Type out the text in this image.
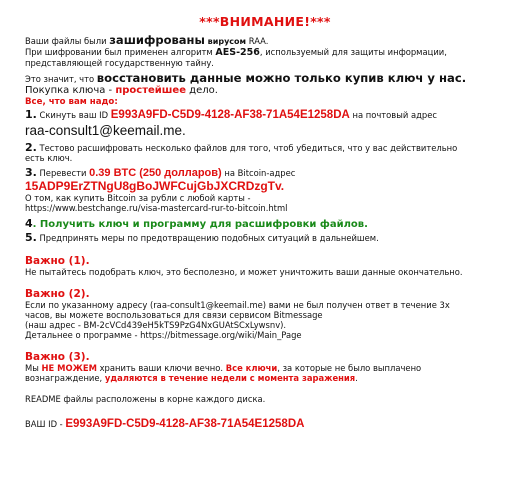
***ВНИМАНИЕ!***
Ваши файлы были зашифрованы вирусом RAA.
При шифровании был применен алгоритм AES-256, используемый для защиты информации,
представляющей государственную тайну.
Это значит, что восстановить данные можно только купив ключ у нас.
Покупка ключа - простейшее дело.
Все, что вам надо:
1. Скинуть ваш ID E993A9FD-C5D9-4128-AF38-71A54E1258DA на почтовый адрес
raa-consult1@keemail.me.
2. Тестово расшифровать несколько файлов для того, чтоб убедиться, что у вас действительно
есть ключ.
3. Перевести 0.39 BTC (250 долларов) на Bitcoin-адрес
15ADP9ErZTNgU8gBoJWFCujGbJXCRDzgTv.
О том, как купить Bitcoin за рубли с любой карты -
https://www.bestchange.ru/visa-mastercard-rur-to-bitcoin.html
4. Получить ключ и программу для расшифровки файлов.
5. Предпринять меры по предотвращению подобных ситуаций в дальнейшем.
Важно (1).
Не пытайтесь подобрать ключ, это бесполезно, и может уничтожить ваши данные окончательно.
Важно (2).
Если по указанному адресу (raa-consult1@keemail.me) вами не был получен ответ в течение 3х
часов, вы можете воспользоваться для связи сервисом Bitmessage
(наш адрес - BM-2cVCd439eH5kTS9PzG4NxGUAtSCxLywsnv).
Детальнее о программе - https://bitmessage.org/wiki/Main_Page
Важно (3).
Мы НЕ МОЖЕМ хранить ваши ключи вечно. Все ключи, за которые не было выплачено
вознаграждение, удаляются в течение недели с момента заражения.
README файлы расположены в корне каждого диска.
ВАШ ID - E993A9FD-C5D9-4128-AF38-71A54E1258DA
